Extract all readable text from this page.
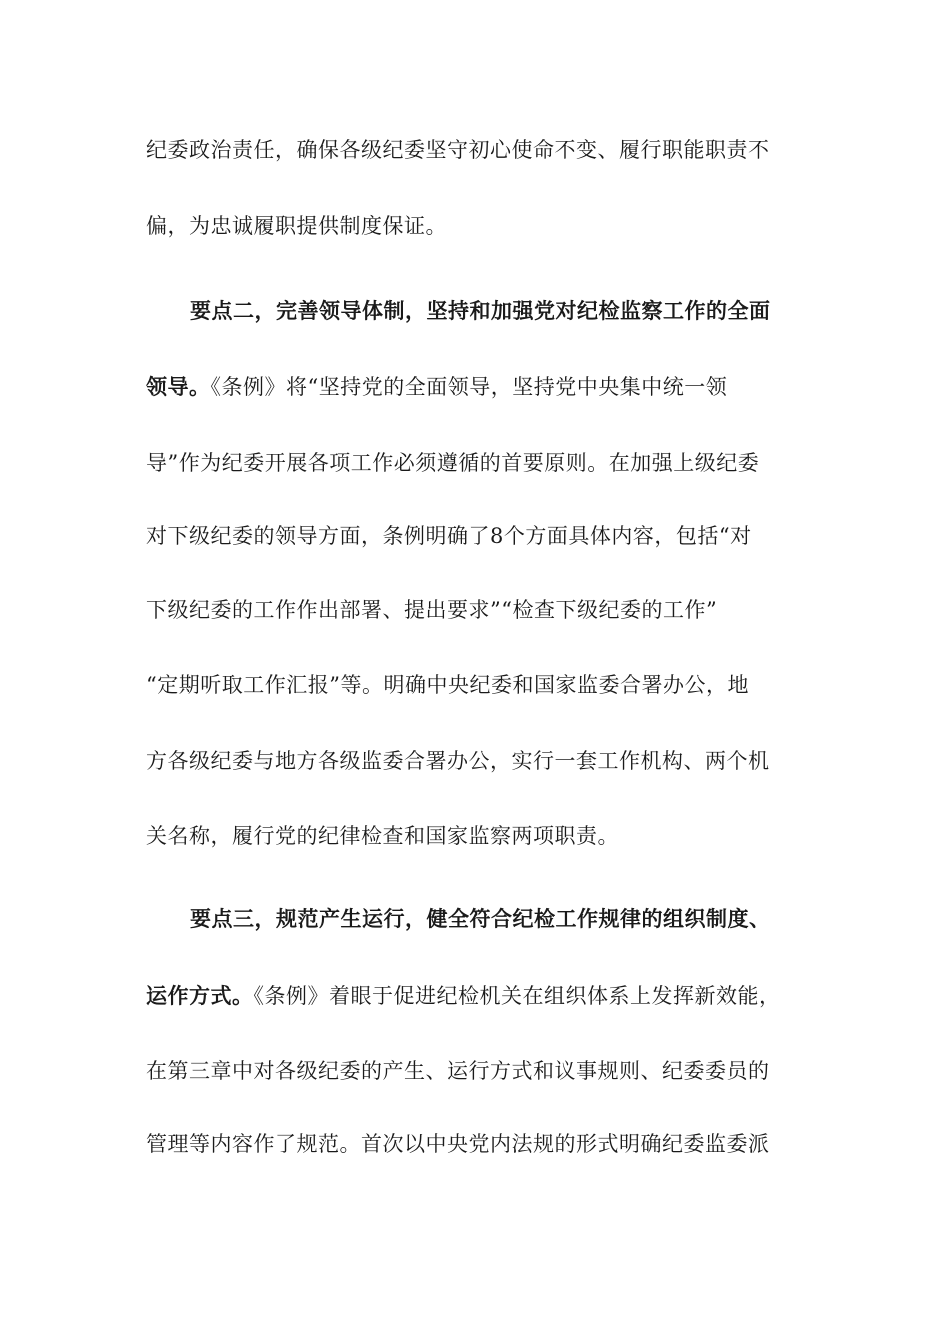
纪委政治责任，确保各级纪委坚守初心使命不变、履行职能职责不
偏，为忠诚履职提供制度保证。
要点二，完善领导体制，坚持和加强党对纪检监察工作的全面
领导。《条例》将“坚持党的全面领导，坚持党中央集中统一领
导”作为纪委开展各项工作必须遵循的首要原则。在加强上级纪委
对下级纪委的领导方面，条例明确了8个方面具体内容，包括“对
下级纪委的工作作出部署、提出要求”“检查下级纪委的工作”
“定期听取工作汇报”等。明确中央纪委和国家监委合署办公，地
方各级纪委与地方各级监委合署办公，实行一套工作机构、两个机
关名称，履行党的纪律检查和国家监察两项职责。
要点三，规范产生运行，健全符合纪检工作规律的组织制度、
运作方式。《条例》着眼于促进纪检机关在组织体系上发挥新效能，
在第三章中对各级纪委的产生、运行方式和议事规则、纪委委员的
管理等内容作了规范。首次以中央党内法规的形式明确纪委监委派
